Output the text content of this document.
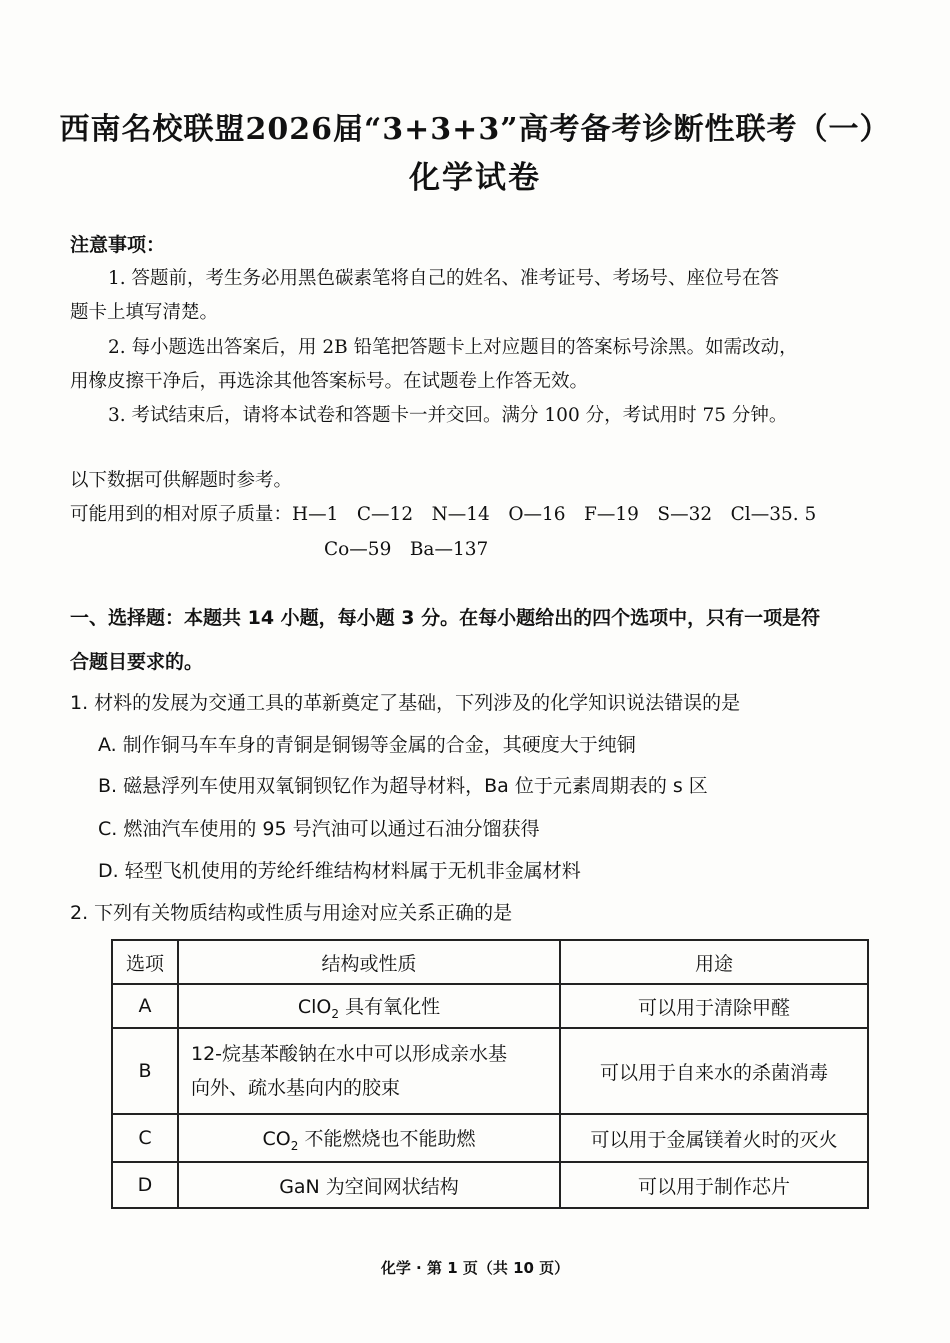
西南名校联盟2026届“3+3+3”高考备考诊断性联考（一）
化学试卷
注意事项：
1. 答题前，考生务必用黑色碳素笔将自己的姓名、准考证号、考场号、座位号在答
题卡上填写清楚。
2. 每小题选出答案后，用 2B 铅笔把答题卡上对应题目的答案标号涂黑。如需改动，
用橡皮擦干净后，再选涂其他答案标号。在试题卷上作答无效。
3. 考试结束后，请将本试卷和答题卡一并交回。满分 100 分，考试用时 75 分钟。
以下数据可供解题时参考。
可能用到的相对原子质量：H—1　C—12　N—14　O—16　F—19　S—32　Cl—35. 5
Co—59　Ba—137
一、选择题：本题共 14 小题，每小题 3 分。在每小题给出的四个选项中，只有一项是符
合题目要求的。
1. 材料的发展为交通工具的革新奠定了基础，下列涉及的化学知识说法错误的是
A. 制作铜马车车身的青铜是铜锡等金属的合金，其硬度大于纯铜
B. 磁悬浮列车使用双氧铜钡钇作为超导材料，Ba 位于元素周期表的 s 区
C. 燃油汽车使用的 95 号汽油可以通过石油分馏获得
D. 轻型飞机使用的芳纶纤维结构材料属于无机非金属材料
2. 下列有关物质结构或性质与用途对应关系正确的是
选项	结构或性质	用途
A	ClO$_2$ 具有氧化性	可以用于清除甲醛
B	12-烷基苯酸钠在水中可以形成亲水基
向外、疏水基向内的胶束	可以用于自来水的杀菌消毒
C	$CO_2$ 不能燃烧也不能助燃	可以用于金属镁着火时的灭火
D	GaN 为空间网状结构	可以用于制作芯片
化学 · 第 1 页（共 10 页）
